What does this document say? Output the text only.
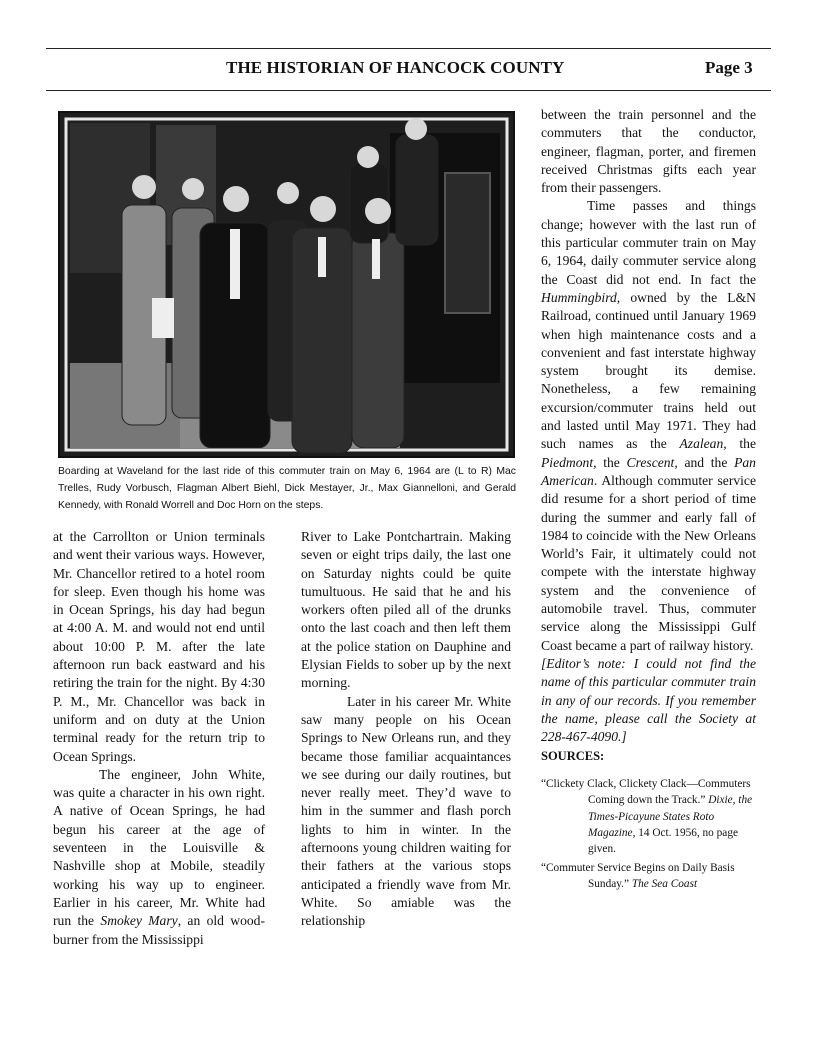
THE HISTORIAN OF HANCOCK COUNTY	Page 3
Boarding at Waveland for the last ride of this commuter train on May 6, 1964 are (L to R) Mac Trelles, Rudy Vorbusch, Flagman Albert Biehl, Dick Mestayer, Jr., Max Giannelloni, and Gerald Kennedy, with Ronald Worrell and Doc Horn on the steps.

at the Carrollton or Union terminals and went their various ways. However, Mr. Chancellor retired to a hotel room for sleep. Even though his home was in Ocean Springs, his day had begun at 4:00 A. M. and would not end until about 10:00 P. M. after the late afternoon run back eastward and his retiring the train for the night. By 4:30 P. M., Mr. Chancellor was back in uniform and on duty at the Union terminal ready for the return trip to Ocean Springs.

The engineer, John White, was quite a character in his own right. A native of Ocean Springs, he had begun his career at the age of seventeen in the Louisville & Nashville shop at Mobile, steadily working his way up to engineer. Earlier in his career, Mr. White had run the Smokey Mary, an old wood-burner from the Mississippi

River to Lake Pontchartrain. Making seven or eight trips daily, the last one on Saturday nights could be quite tumultuous. He said that he and his workers often piled all of the drunks onto the last coach and then left them at the police station on Dauphine and Elysian Fields to sober up by the next morning.

Later in his career Mr. White saw many people on his Ocean Springs to New Orleans run, and they became those familiar acquaintances we see during our daily routines, but never really meet. They’d wave to him in the summer and flash porch lights to him in winter. In the afternoons young children waiting for their fathers at the various stops anticipated a friendly wave from Mr. White. So amiable was the relationship

between the train personnel and the commuters that the conductor, engineer, flagman, porter, and firemen received Christmas gifts each year from their passengers.

Time passes and things change; however with the last run of this particular commuter train on May 6, 1964, daily commuter service along the Coast did not end. In fact the Hummingbird, owned by the L&N Railroad, continued until January 1969 when high maintenance costs and a convenient and fast interstate highway system brought its demise. Nonetheless, a few remaining excursion/commuter trains held out and lasted until May 1971. They had such names as the Azalean, the Piedmont, the Crescent, and the Pan American. Although commuter service did resume for a short period of time during the summer and early fall of 1984 to coincide with the New Orleans World’s Fair, it ultimately could not compete with the interstate highway system and the convenience of automobile travel. Thus, commuter service along the Mississippi Gulf Coast became a part of railway history.

[Editor’s note: I could not find the name of this particular commuter train in any of our records. If you remember the name, please call the Society at 228-467-4090.]

SOURCES:

“Clickety Clack, Clickety Clack—Commuters Coming down the Track.” Dixie, the Times-Picayune States Roto Magazine, 14 Oct. 1956, no page given.

“Commuter Service Begins on Daily Basis Sunday.” The Sea Coast
